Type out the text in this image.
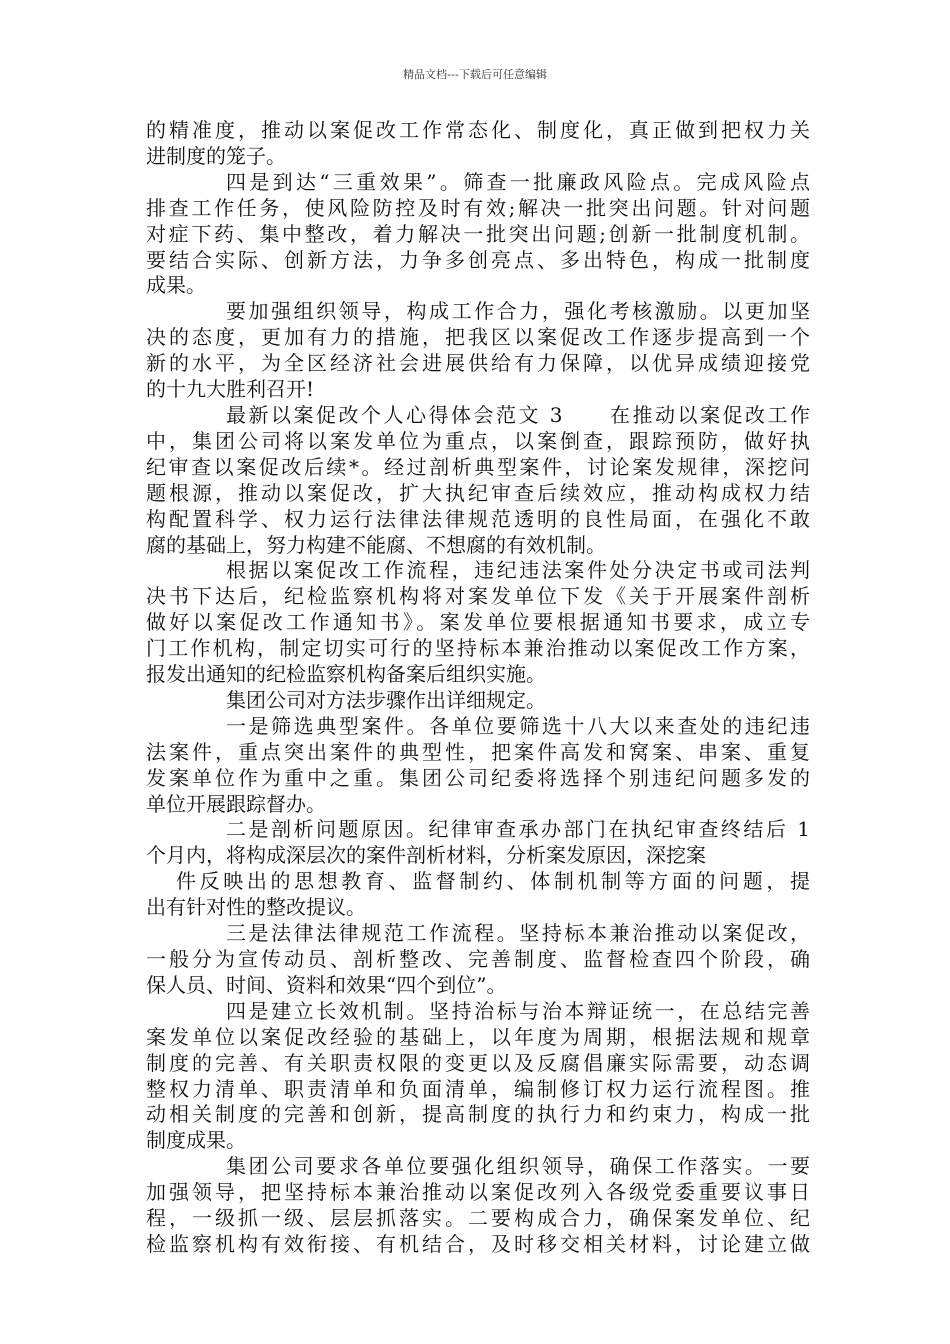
精品文档---下载后可任意编辑
的精准度，推动以案促改工作常态化、制度化，真正做到把权力关
进制度的笼子。
四是到达“三重效果”。筛查一批廉政风险点。完成风险点
排查工作任务，使风险防控及时有效;解决一批突出问题。针对问题
对症下药、集中整改，着力解决一批突出问题;创新一批制度机制。
要结合实际、创新方法，力争多创亮点、多出特色，构成一批制度
成果。
要加强组织领导，构成工作合力，强化考核激励。以更加坚
决的态度，更加有力的措施，把我区以案促改工作逐步提高到一个
新的水平，为全区经济社会进展供给有力保障，以优异成绩迎接党
的十九大胜利召开!
最新以案促改个人心得体会范文 3　　在推动以案促改工作
中，集团公司将以案发单位为重点，以案倒查，跟踪预防，做好执
纪审查以案促改后续*。经过剖析典型案件，讨论案发规律，深挖问
题根源，推动以案促改，扩大执纪审查后续效应，推动构成权力结
构配置科学、权力运行法律法律规范透明的良性局面，在强化不敢
腐的基础上，努力构建不能腐、不想腐的有效机制。
根据以案促改工作流程，违纪违法案件处分决定书或司法判
决书下达后，纪检监察机构将对案发单位下发《关于开展案件剖析
做好以案促改工作通知书》。案发单位要根据通知书要求，成立专
门工作机构，制定切实可行的坚持标本兼治推动以案促改工作方案，
报发出通知的纪检监察机构备案后组织实施。
集团公司对方法步骤作出详细规定。
一是筛选典型案件。各单位要筛选十八大以来查处的违纪违
法案件，重点突出案件的典型性，把案件高发和窝案、串案、重复
发案单位作为重中之重。集团公司纪委将选择个别违纪问题多发的
单位开展跟踪督办。
二是剖析问题原因。纪律审查承办部门在执纪审查终结后 1
个月内，将构成深层次的案件剖析材料，分析案发原因，深挖案
件反映出的思想教育、监督制约、体制机制等方面的问题，提
出有针对性的整改提议。
三是法律法律规范工作流程。坚持标本兼治推动以案促改，
一般分为宣传动员、剖析整改、完善制度、监督检查四个阶段，确
保人员、时间、资料和效果“四个到位”。
四是建立长效机制。坚持治标与治本辩证统一，在总结完善
案发单位以案促改经验的基础上，以年度为周期，根据法规和规章
制度的完善、有关职责权限的变更以及反腐倡廉实际需要，动态调
整权力清单、职责清单和负面清单，编制修订权力运行流程图。推
动相关制度的完善和创新，提高制度的执行力和约束力，构成一批
制度成果。
集团公司要求各单位要强化组织领导，确保工作落实。一要
加强领导，把坚持标本兼治推动以案促改列入各级党委重要议事日
程，一级抓一级、层层抓落实。二要构成合力，确保案发单位、纪
检监察机构有效衔接、有机结合，及时移交相关材料，讨论建立做
